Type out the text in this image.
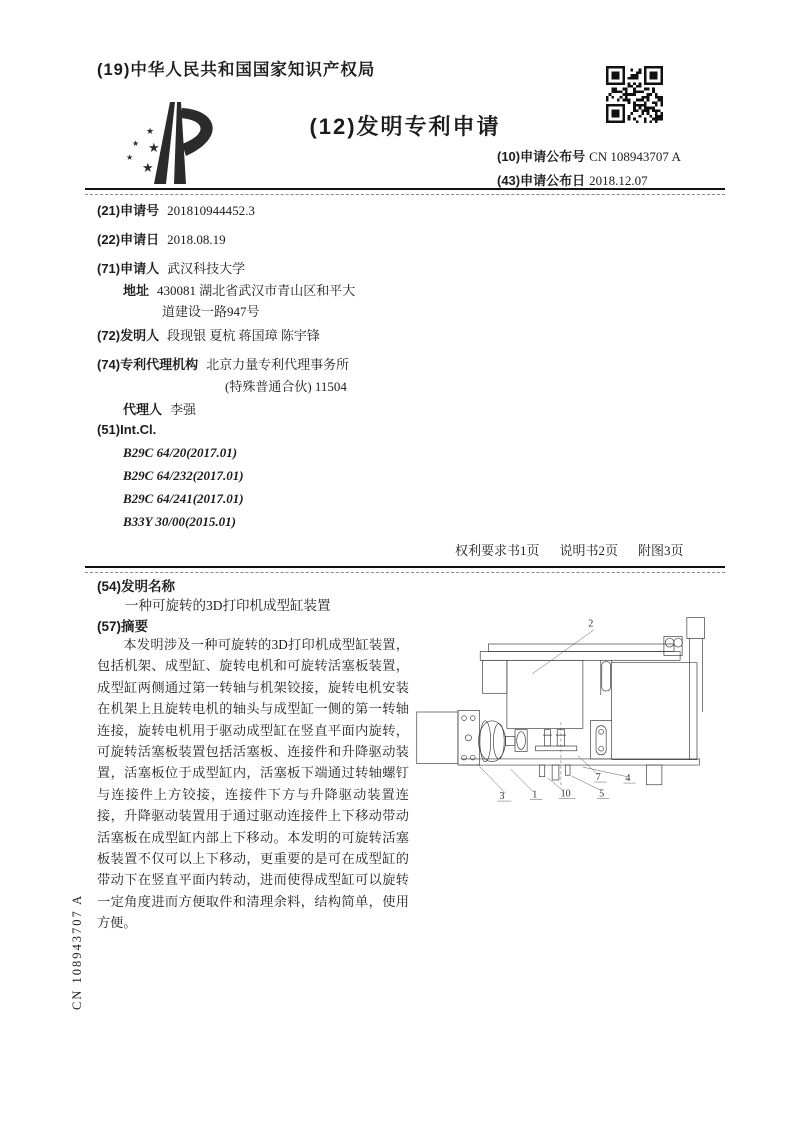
(19)中华人民共和国国家知识产权局
★
★ ★
★
★
(12)发明专利申请
(10)申请公布号 CN 108943707 A
(43)申请公布日 2018.12.07
(21)申请号 201810944452.3
(22)申请日 2018.08.19
(71)申请人 武汉科技大学
地址 430081 湖北省武汉市青山区和平大
道建设一路947号
(72)发明人 段现银 夏杭 蒋国璋 陈宇锋
(74)专利代理机构 北京力量专利代理事务所
(特殊普通合伙) 11504
代理人 李强
(51)Int.Cl.
B29C 64/20(2017.01)
B29C 64/232(2017.01)
B29C 64/241(2017.01)
B33Y 30/00(2015.01)
权利要求书1页 说明书2页 附图3页
(54)发明名称
一种可旋转的3D打印机成型缸装置
(57)摘要
本发明涉及一种可旋转的3D打印机成型缸装置，包括机架、成型缸、旋转电机和可旋转活塞板装置，成型缸两侧通过第一转轴与机架铰接，旋转电机安装在机架上且旋转电机的轴头与成型缸一侧的第一转轴连接，旋转电机用于驱动成型缸在竖直平面内旋转，可旋转活塞板装置包括活塞板、连接件和升降驱动装置，活塞板位于成型缸内，活塞板下端通过转轴螺钉与连接件上方铰接，连接件下方与升降驱动装置连接，升降驱动装置用于通过驱动连接件上下移动带动活塞板在成型缸内部上下移动。本发明的可旋转活塞板装置不仅可以上下移动，更重要的是可在成型缸的带动下在竖直平面内转动，进而使得成型缸可以旋转一定角度进而方便取件和清理余料，结构简单，使用方便。
2
3 1 10 5
7 4
CN 108943707 A
